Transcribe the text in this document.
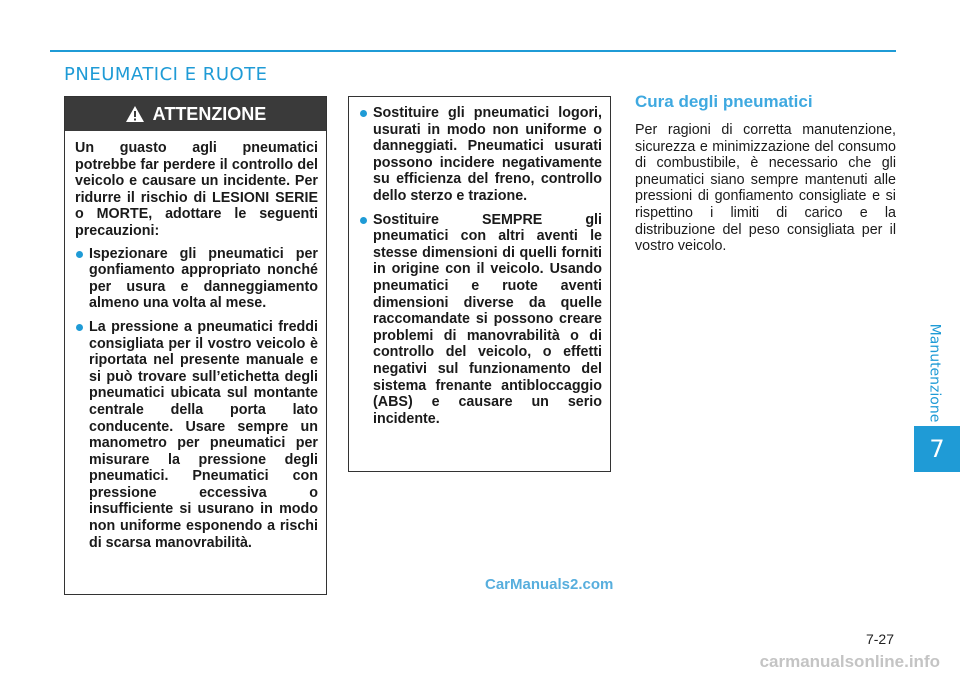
PNEUMATICI E RUOTE
ATTENZIONE

Un guasto agli pneumatici potrebbe far perdere il controllo del veicolo e causare un incidente. Per ridurre il rischio di LESIONI SERIE o MORTE, adottare le seguenti precauzioni:

Ispezionare gli pneumatici per gonfiamento appropriato nonché per usura e danneggiamento almeno una volta al mese.
La pressione a pneumatici freddi consigliata per il vostro veicolo è riportata nel presente manuale e si può trovare sull’etichetta degli pneumatici ubicata sul montante centrale della porta lato conducente. Usare sempre un manometro per pneumatici per misurare la pressione degli pneumatici. Pneumatici con pressione eccessiva o insufficiente si usurano in modo non uniforme esponendo a rischi di scarsa manovrabilità.
Sostituire gli pneumatici logori, usurati in modo non uniforme o danneggiati. Pneumatici usurati possono incidere negativamente su efficienza del freno, controllo dello sterzo e trazione.
Sostituire SEMPRE gli pneumatici con altri aventi le stesse dimensioni di quelli forniti in origine con il veicolo. Usando pneumatici e ruote aventi dimensioni diverse da quelle raccomandate si possono creare problemi di manovrabilità o di controllo del veicolo, o effetti negativi sul funzionamento del sistema frenante antibloccaggio (ABS) e causare un serio incidente.
Cura degli pneumatici

Per ragioni di corretta manutenzione, sicurezza e minimizzazione del consumo di combustibile, è necessario che gli pneumatici siano sempre mantenuti alle pressioni di gonfiamento consigliate e si rispettino i limiti di carico e la distribuzione del peso consigliata per il vostro veicolo.

Manutenzione
7
7-27
CarManuals2.com
carmanualsonline.info
